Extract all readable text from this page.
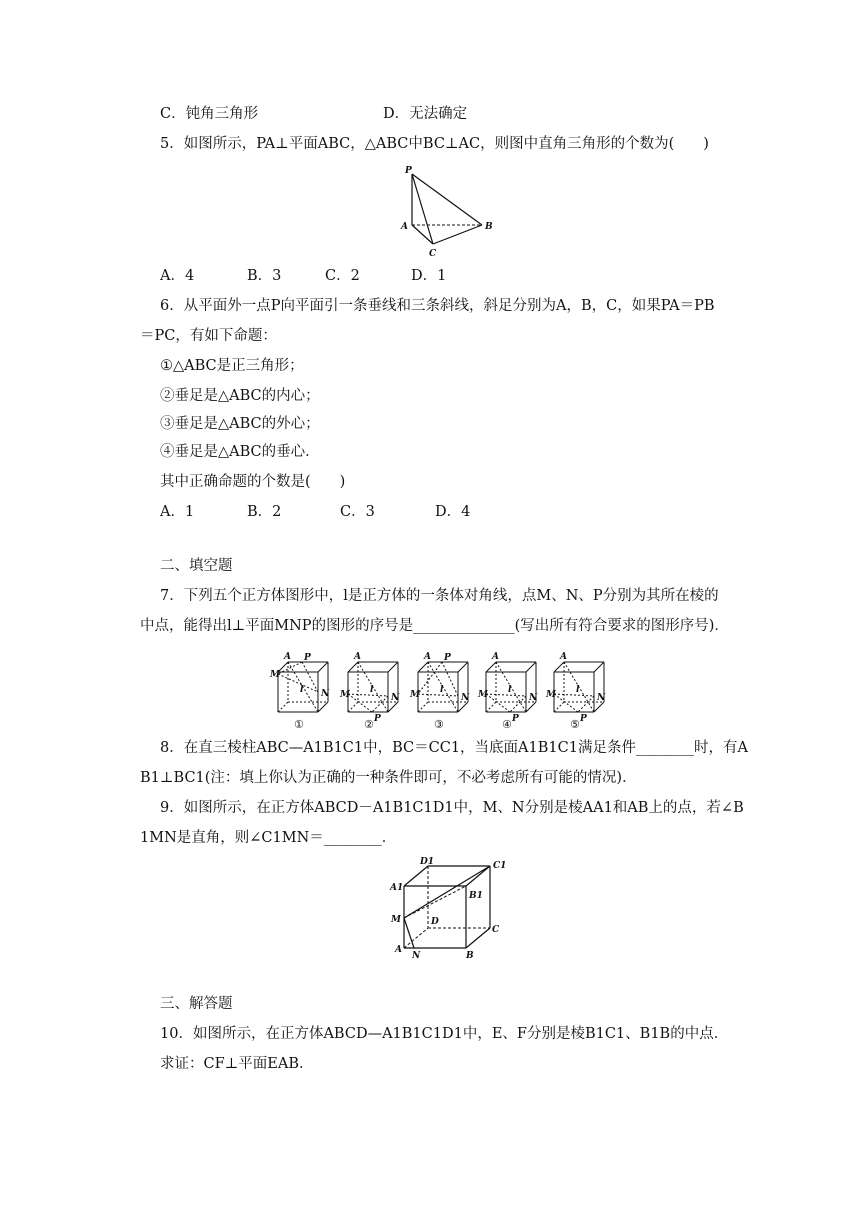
C．钝角三角形	D．无法确定
5．如图所示，PA⊥平面ABC，△ABC中BC⊥AC，则图中直角三角形的个数为(　　)
P
A	B
C
A．4	B．3	C．2	D．1
6．从平面外一点P向平面引一条垂线和三条斜线，斜足分别为A，B，C，如果PA＝PB
＝PC，有如下命题：
①△ABC是正三角形；
②垂足是△ABC的内心；
③垂足是△ABC的外心；
④垂足是△ABC的垂心．
其中正确命题的个数是(　　)
A．1	B．2	C．3	D．4
二、填空题
7．下列五个正方体图形中，l是正方体的一条体对角线，点M、N、P分别为其所在棱的
中点，能得出l⊥平面MNP的图形的序号是______________(写出所有符合要求的图形序号)．
M
A P
N
l
①
M
A
P
N
l
②
M
A P
N
l
③
M
A
P
N
l
④
M
A
P
N
l
⑤
8．在直三棱柱ABC—A1B1C1中，BC＝CC1，当底面A1B1C1满足条件________时，有A
B1⊥BC1(注：填上你认为正确的一种条件即可，不必考虑所有可能的情况)．
9．如图所示，在正方体ABCD－A1B1C1D1中，M、N分别是棱AA1和AB上的点，若∠B
1MN是直角，则∠C1MN＝________．
D1	C1
A1
B1
M	D
C
A
N	B
三、解答题
10．如图所示，在正方体ABCD—A1B1C1D1中，E、F分别是棱B1C1、B1B的中点．
求证：CF⊥平面EAB．
